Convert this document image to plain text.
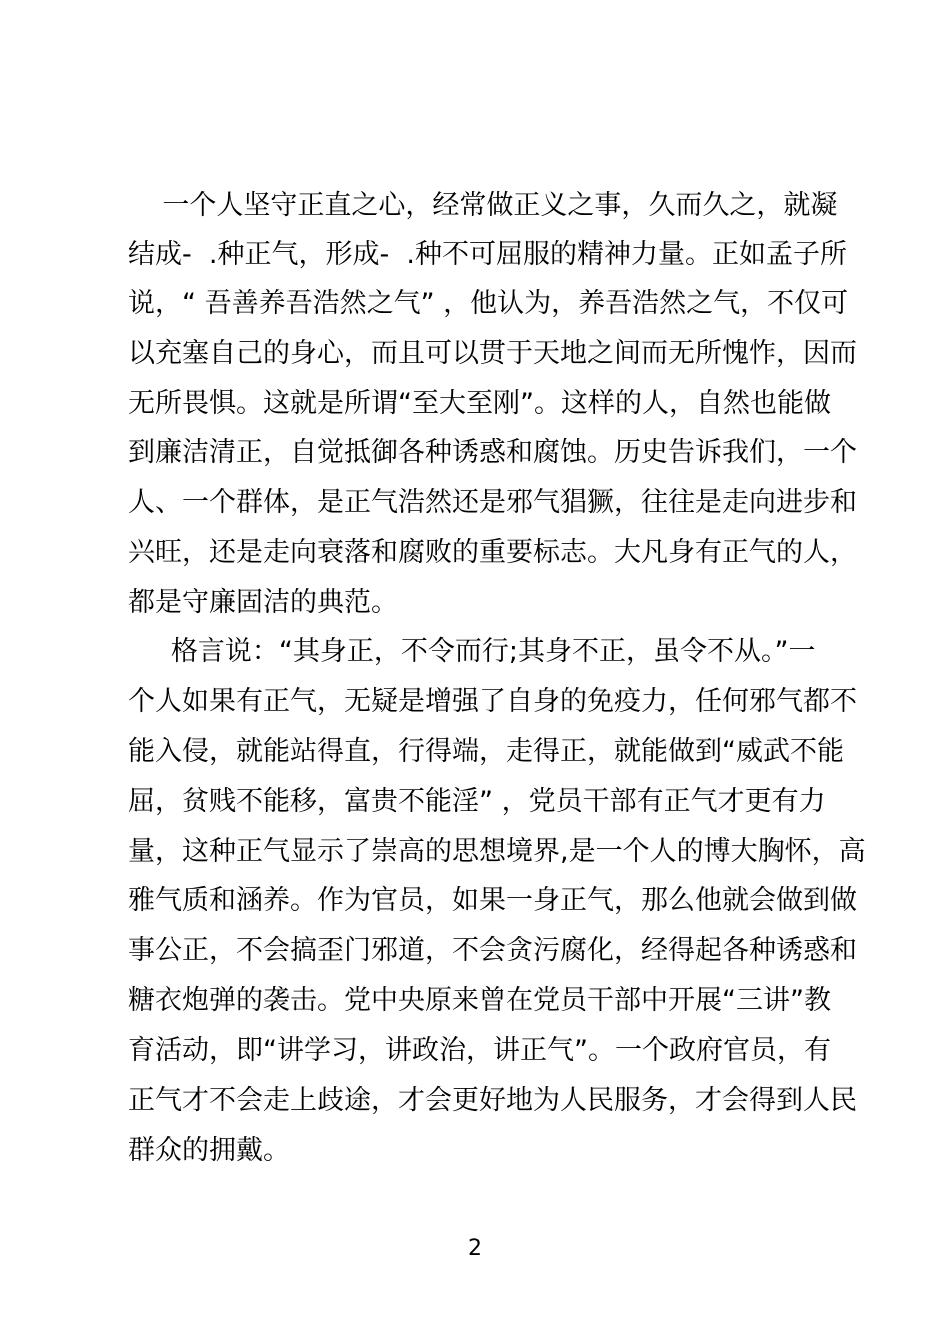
一个人坚守正直之心，经常做正义之事，久而久之，就凝
结成-  .种正气，形成-  .种不可屈服的精神力量。正如孟子所
说，“ 吾善养吾浩然之气” ，他认为，养吾浩然之气，不仅可
以充塞自己的身心，而且可以贯于天地之间而无所愧怍，因而
无所畏惧。这就是所谓“至大至刚”。这样的人，自然也能做
到廉洁清正，自觉抵御各种诱惑和腐蚀。历史告诉我们，一个
人、一个群体，是正气浩然还是邪气猖獗，往往是走向进步和
兴旺，还是走向衰落和腐败的重要标志。大凡身有正气的人，
都是守廉固洁的典范。
格言说：“其身正，不令而行;其身不正，虽令不从。”一
个人如果有正气，无疑是增强了自身的免疫力，任何邪气都不
能入侵，就能站得直，行得端，走得正，就能做到“威武不能
屈，贫贱不能移，富贵不能淫” ，党员干部有正气才更有力
量，这种正气显示了崇高的思想境界,是一个人的博大胸怀，高
雅气质和涵养。作为官员，如果一身正气，那么他就会做到做
事公正，不会搞歪门邪道，不会贪污腐化，经得起各种诱惑和
糖衣炮弹的袭击。党中央原来曾在党员干部中开展“三讲”教
育活动，即“讲学习，讲政治，讲正气”。一个政府官员，有
正气才不会走上歧途，才会更好地为人民服务，才会得到人民
群众的拥戴。
2
